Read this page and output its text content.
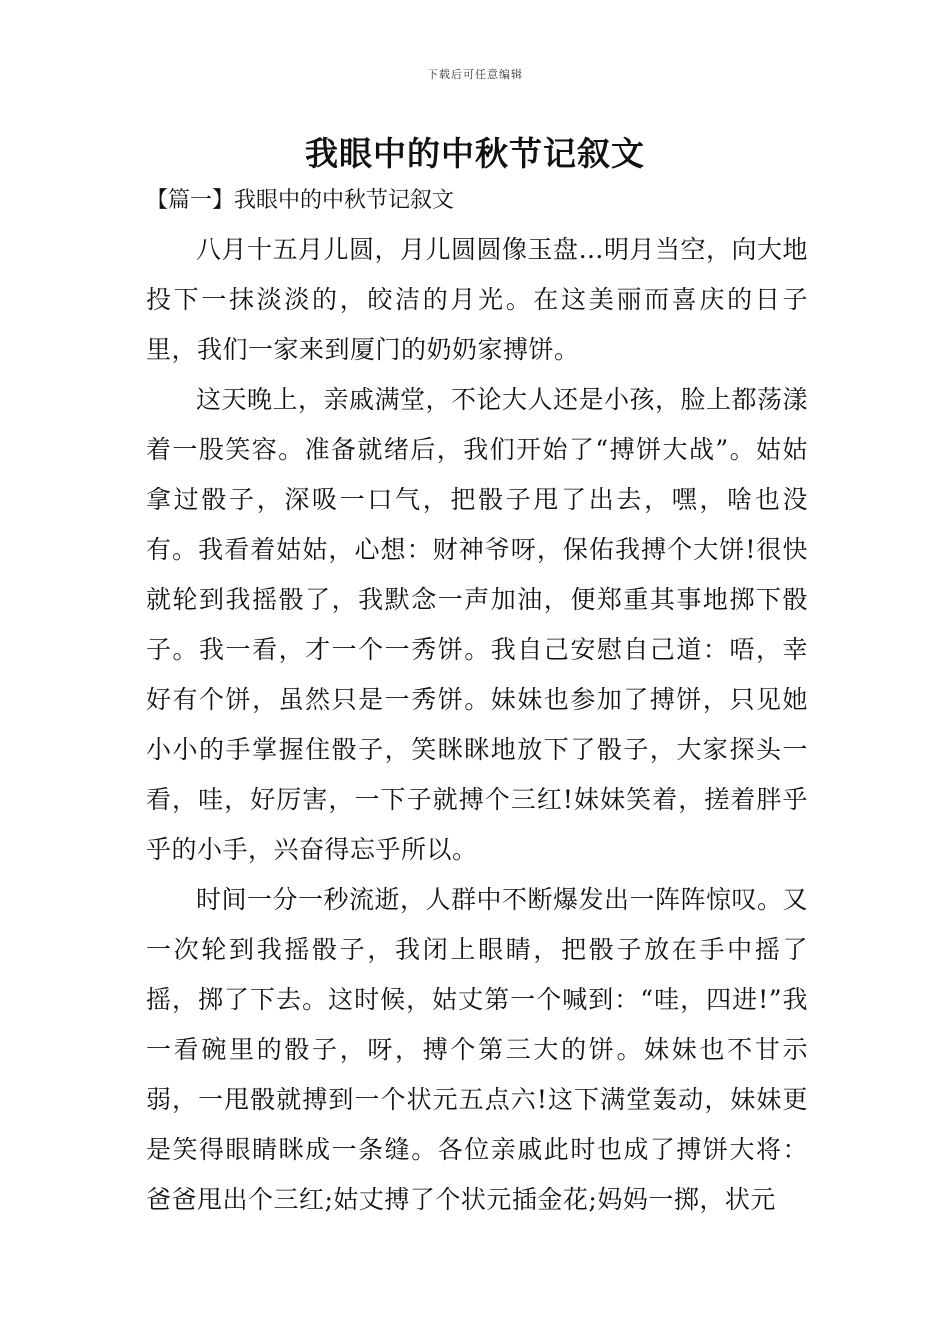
下载后可任意编辑
我眼中的中秋节记叙文
【篇一】我眼中的中秋节记叙文

八月十五月儿圆，月儿圆圆像玉盘…明月当空，向大地投下一抹淡淡的，皎洁的月光。在这美丽而喜庆的日子里，我们一家来到厦门的奶奶家搏饼。

这天晚上，亲戚满堂，不论大人还是小孩，脸上都荡漾着一股笑容。准备就绪后，我们开始了“搏饼大战”。姑姑拿过骰子，深吸一口气，把骰子甩了出去，嘿，啥也没有。我看着姑姑，心想：财神爷呀，保佑我搏个大饼!很快就轮到我摇骰了，我默念一声加油，便郑重其事地掷下骰子。我一看，才一个一秀饼。我自己安慰自己道：唔，幸好有个饼，虽然只是一秀饼。妹妹也参加了搏饼，只见她小小的手掌握住骰子，笑眯眯地放下了骰子，大家探头一看，哇，好厉害，一下子就搏个三红!妹妹笑着，搓着胖乎乎的小手，兴奋得忘乎所以。

时间一分一秒流逝，人群中不断爆发出一阵阵惊叹。又一次轮到我摇骰子，我闭上眼睛，把骰子放在手中摇了摇，掷了下去。这时候，姑丈第一个喊到：“哇，四进!”我一看碗里的骰子，呀，搏个第三大的饼。妹妹也不甘示弱，一甩骰就搏到一个状元五点六!这下满堂轰动，妹妹更是笑得眼睛眯成一条缝。各位亲戚此时也成了搏饼大将：爸爸甩出个三红;姑丈搏了个状元插金花;妈妈一掷，状元
